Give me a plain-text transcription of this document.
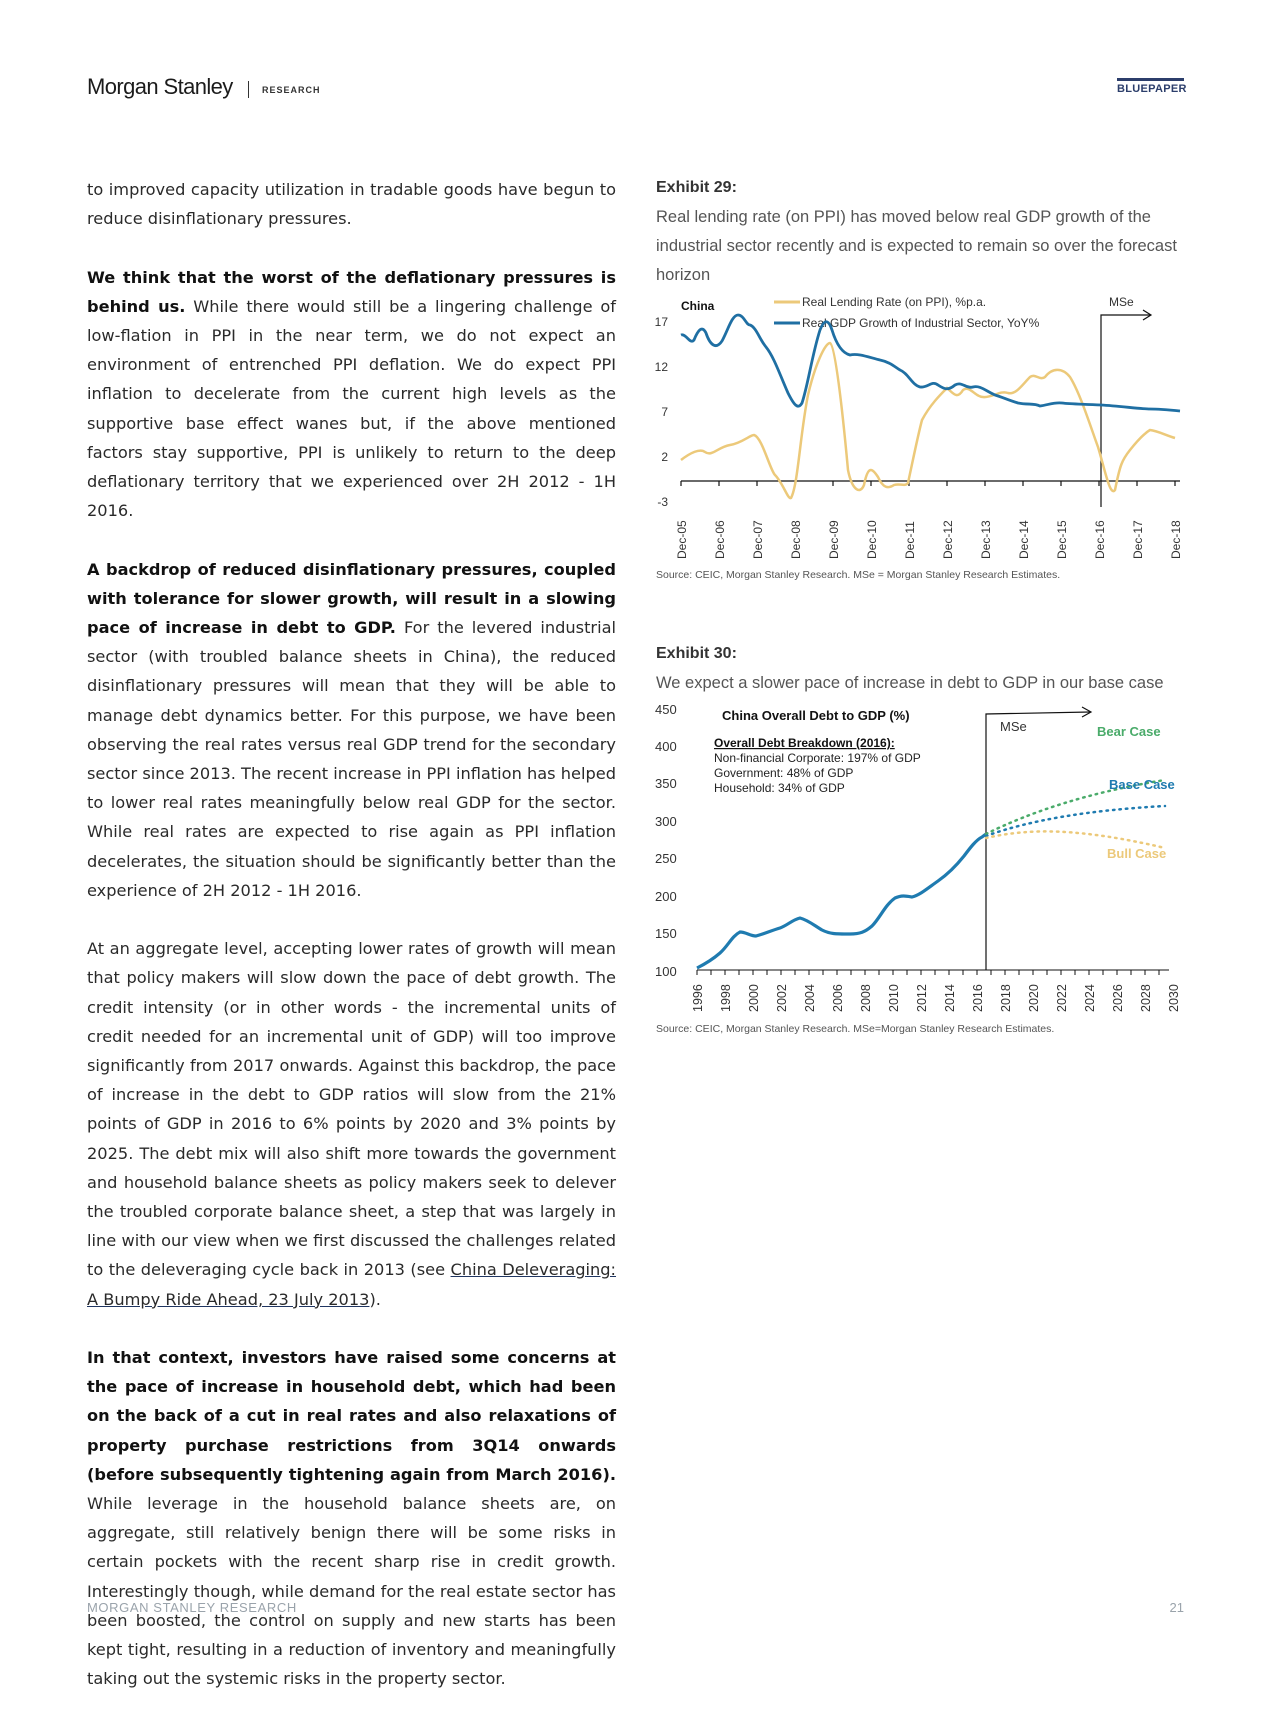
Morgan Stanley	RESEARCH	BLUEPAPER

to improved capacity utilization in tradable goods have begun to reduce disinflationary pressures.

We think that the worst of the deflationary pressures is behind us. While there would still be a lingering challenge of low-flation in PPI in the near term, we do not expect an environment of entrenched PPI deflation. We do expect PPI inflation to decelerate from the current high levels as the supportive base effect wanes but, if the above mentioned factors stay supportive, PPI is unlikely to return to the deep deflationary territory that we experienced over 2H 2012 - 1H 2016.

A backdrop of reduced disinflationary pressures, coupled with tolerance for slower growth, will result in a slowing pace of increase in debt to GDP. For the levered industrial sector (with troubled balance sheets in China), the reduced disinflationary pressures will mean that they will be able to manage debt dynamics better. For this purpose, we have been observing the real rates versus real GDP trend for the secondary sector since 2013. The recent increase in PPI inflation has helped to lower real rates meaningfully below real GDP for the sector. While real rates are expected to rise again as PPI inflation decelerates, the situation should be significantly better than the experience of 2H 2012 - 1H 2016.

At an aggregate level, accepting lower rates of growth will mean that policy makers will slow down the pace of debt growth. The credit intensity (or in other words - the incremental units of credit needed for an incremental unit of GDP) will too improve significantly from 2017 onwards. Against this backdrop, the pace of increase in the debt to GDP ratios will slow from the 21% points of GDP in 2016 to 6% points by 2020 and 3% points by 2025. The debt mix will also shift more towards the government and household balance sheets as policy makers seek to delever the troubled corporate balance sheet, a step that was largely in line with our view when we first discussed the challenges related to the deleveraging cycle back in 2013 (see China Deleveraging: A Bumpy Ride Ahead, 23 July 2013).

In that context, investors have raised some concerns at the pace of increase in household debt, which had been on the back of a cut in real rates and also relaxations of property purchase restrictions from 3Q14 onwards (before subsequently tightening again from March 2016). While leverage in the household balance sheets are, on aggregate, still relatively benign there will be some risks in certain pockets with the recent sharp rise in credit growth. Interestingly though, while demand for the real estate sector has been boosted, the control on supply and new starts has been kept tight, resulting in a reduction of inventory and meaningfully taking out the systemic risks in the property sector.

Exhibit 29:
Real lending rate (on PPI) has moved below real GDP growth of the industrial sector recently and is expected to remain so over the forecast horizon
17
12
7
2
-3
China	Real Lending Rate (on PPI), %p.a.
Real GDP Growth of Industrial Sector, YoY%
MSe
Dec-05 Dec-06 Dec-07 Dec-08 Dec-09 Dec-10 Dec-11 Dec-12 Dec-13 Dec-14 Dec-15 Dec-16 Dec-17 Dec-18
Source: CEIC, Morgan Stanley Research. MSe = Morgan Stanley Research Estimates.
Exhibit 30:
We expect a slower pace of increase in debt to GDP in our base case
450
400
350
300
250
200
150
100
China Overall Debt to GDP (%)
Overall Debt Breakdown (2016):
Non-financial Corporate: 197% of GDP
Government: 48% of GDP
Household: 34% of GDP
MSe	Bear Case
Base Case
Bull Case
1996 1998 2000 2002 2004 2006 2008 2010 2012 2014 2016 2018 2020 2022 2024 2026 2028 2030
Source: CEIC, Morgan Stanley Research. MSe=Morgan Stanley Research Estimates.
MORGAN STANLEY RESEARCH	21
